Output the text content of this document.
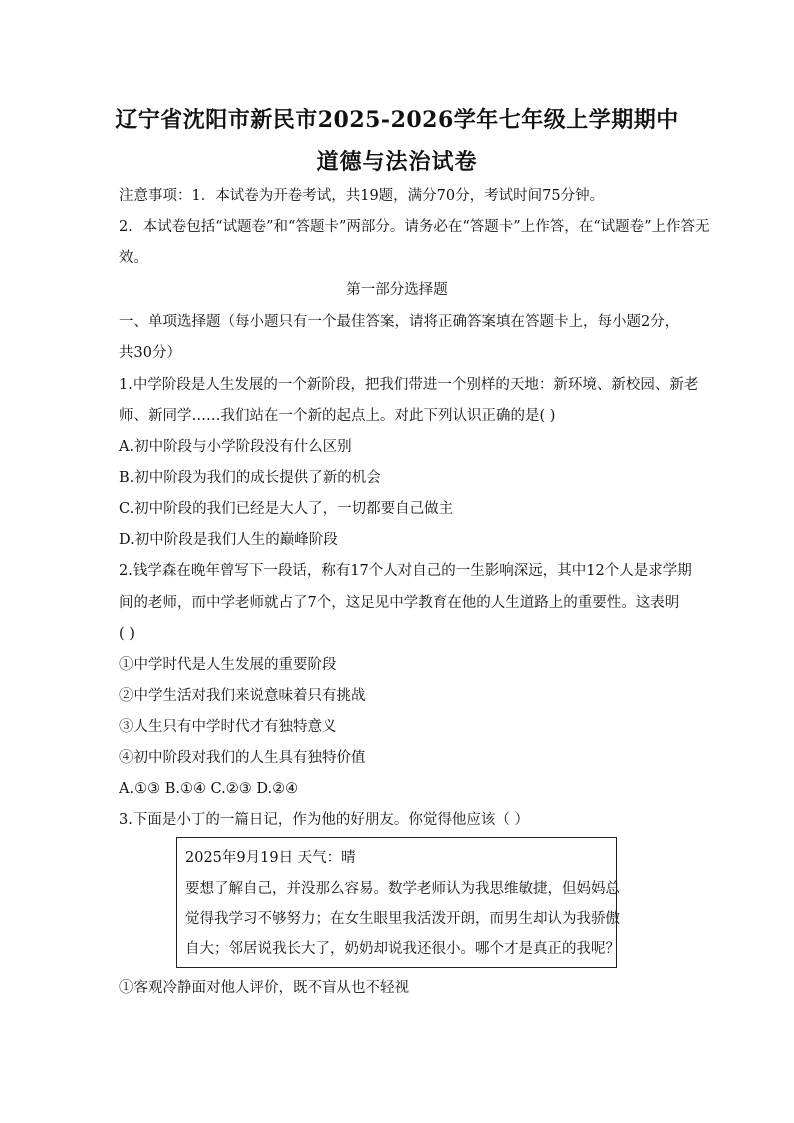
辽宁省沈阳市新民市2025-2026学年七年级上学期期中
道德与法治试卷
注意事项：1．本试卷为开卷考试，共19题，满分70分，考试时间75分钟。
2．本试卷包括“试题卷”和“答题卡”两部分。请务必在“答题卡”上作答，在“试题卷”上作答无
效。
第一部分选择题
一、单项选择题（每小题只有一个最佳答案，请将正确答案填在答题卡上，每小题2分，
共30分）
1.中学阶段是人生发展的一个新阶段，把我们带进一个别样的天地：新环境、新校园、新老
师、新同学……我们站在一个新的起点上。对此下列认识正确的是( )
A.初中阶段与小学阶段没有什么区别
B.初中阶段为我们的成长提供了新的机会
C.初中阶段的我们已经是大人了，一切都要自己做主
D.初中阶段是我们人生的巅峰阶段
2.钱学森在晚年曾写下一段话，称有17个人对自己的一生影响深远，其中12个人是求学期
间的老师，而中学老师就占了7个，这足见中学教育在他的人生道路上的重要性。这表明
( )
①中学时代是人生发展的重要阶段
②中学生活对我们来说意味着只有挑战
③人生只有中学时代才有独特意义
④初中阶段对我们的人生具有独特价值
A.①③ B.①④ C.②③ D.②④
3.下面是小丁的一篇日记，作为他的好朋友。你觉得他应该（ ）
2025年9月19日 天气：晴
要想了解自己，并没那么容易。数学老师认为我思维敏捷，但妈妈总
觉得我学习不够努力；在女生眼里我活泼开朗，而男生却认为我骄傲
自大；邻居说我长大了，奶奶却说我还很小。哪个才是真正的我呢？
①客观冷静面对他人评价，既不盲从也不轻视
